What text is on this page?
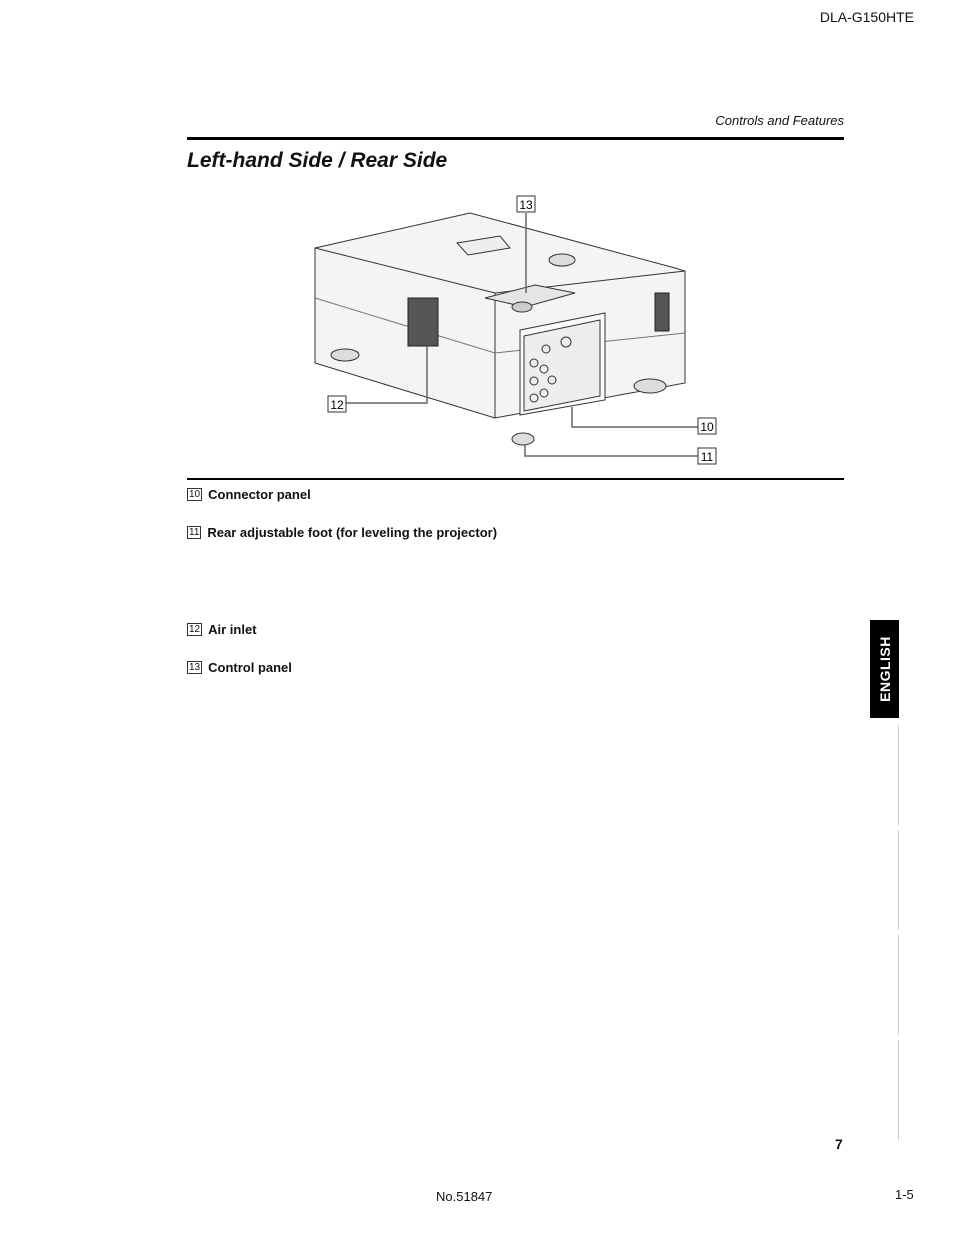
DLA-G150HTE
Controls and Features
Left-hand Side / Rear Side
13
12
10
11
10 Connector panel
11 Rear adjustable foot (for leveling the projector)
12 Air inlet
13 Control panel	ENGLISH
7
No.51847	1-5
